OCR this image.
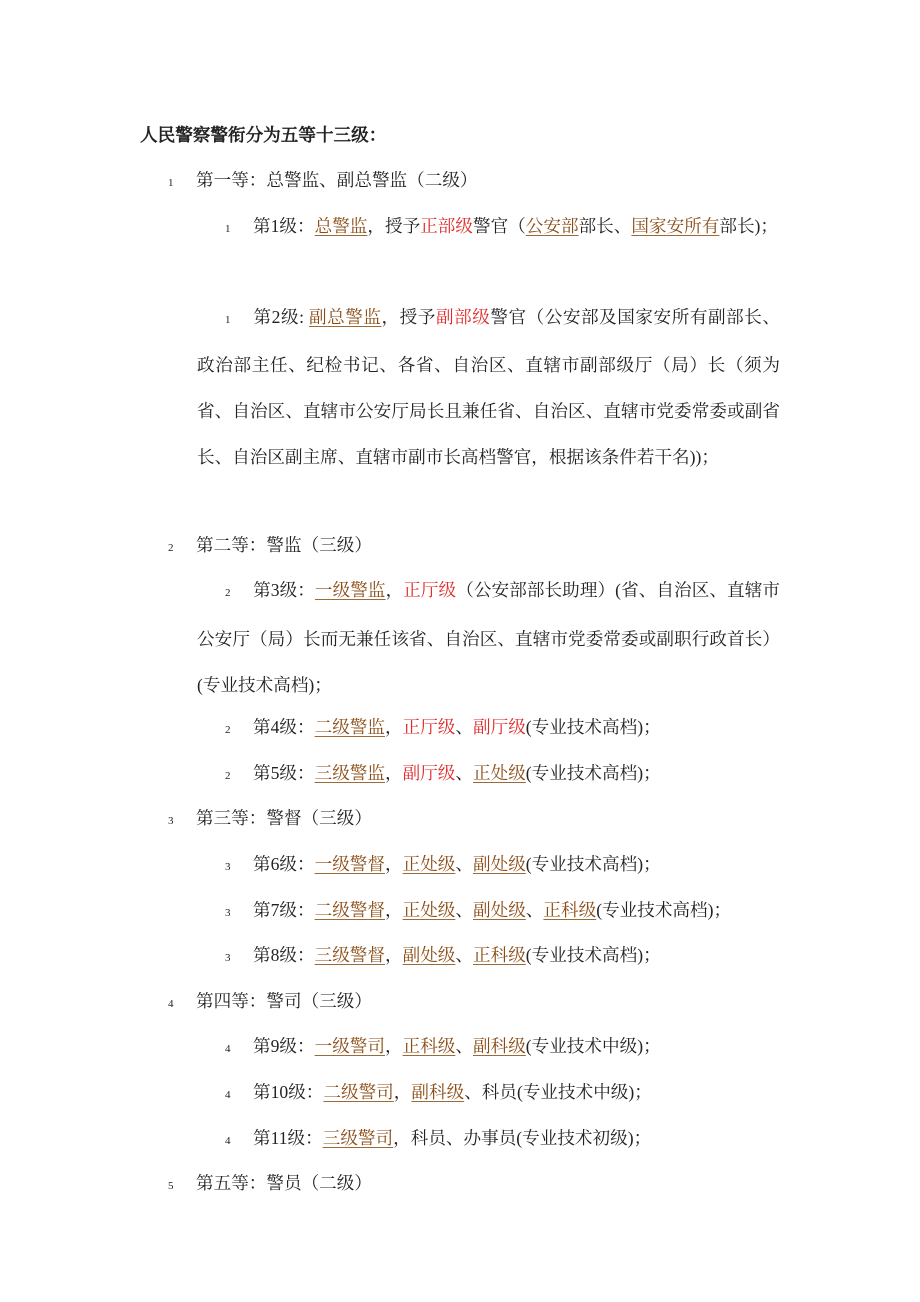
人民警察警衔分为五等十三级：
1 第一等：总警监、副总警监（二级）
1 第1级：总警监，授予正部级警官（公安部部长、国家安所有部长)；
1 第2级: 副总警监，授予副部级警官（公安部及国家安所有副部长、政治部主任、纪检书记、各省、自治区、直辖市副部级厅（局）长（须为省、自治区、直辖市公安厅局长且兼任省、自治区、直辖市党委常委或副省长、自治区副主席、直辖市副市长高档警官，根据该条件若干名))；
2 第二等：警监（三级）
2 第3级：一级警监，正厅级（公安部部长助理）(省、自治区、直辖市公安厅（局）长而无兼任该省、自治区、直辖市党委常委或副职行政首长）(专业技术高档)；
2 第4级：二级警监，正厅级、副厅级(专业技术高档)；
2 第5级：三级警监，副厅级、正处级(专业技术高档)；
3 第三等：警督（三级）
3 第6级：一级警督，正处级、副处级(专业技术高档)；
3 第7级：二级警督，正处级、副处级、正科级(专业技术高档)；
3 第8级：三级警督，副处级、正科级(专业技术高档)；
4 第四等：警司（三级）
4 第9级：一级警司，正科级、副科级(专业技术中级)；
4 第10级：二级警司，副科级、科员(专业技术中级)；
4 第11级：三级警司，科员、办事员(专业技术初级)；
5 第五等：警员（二级）
